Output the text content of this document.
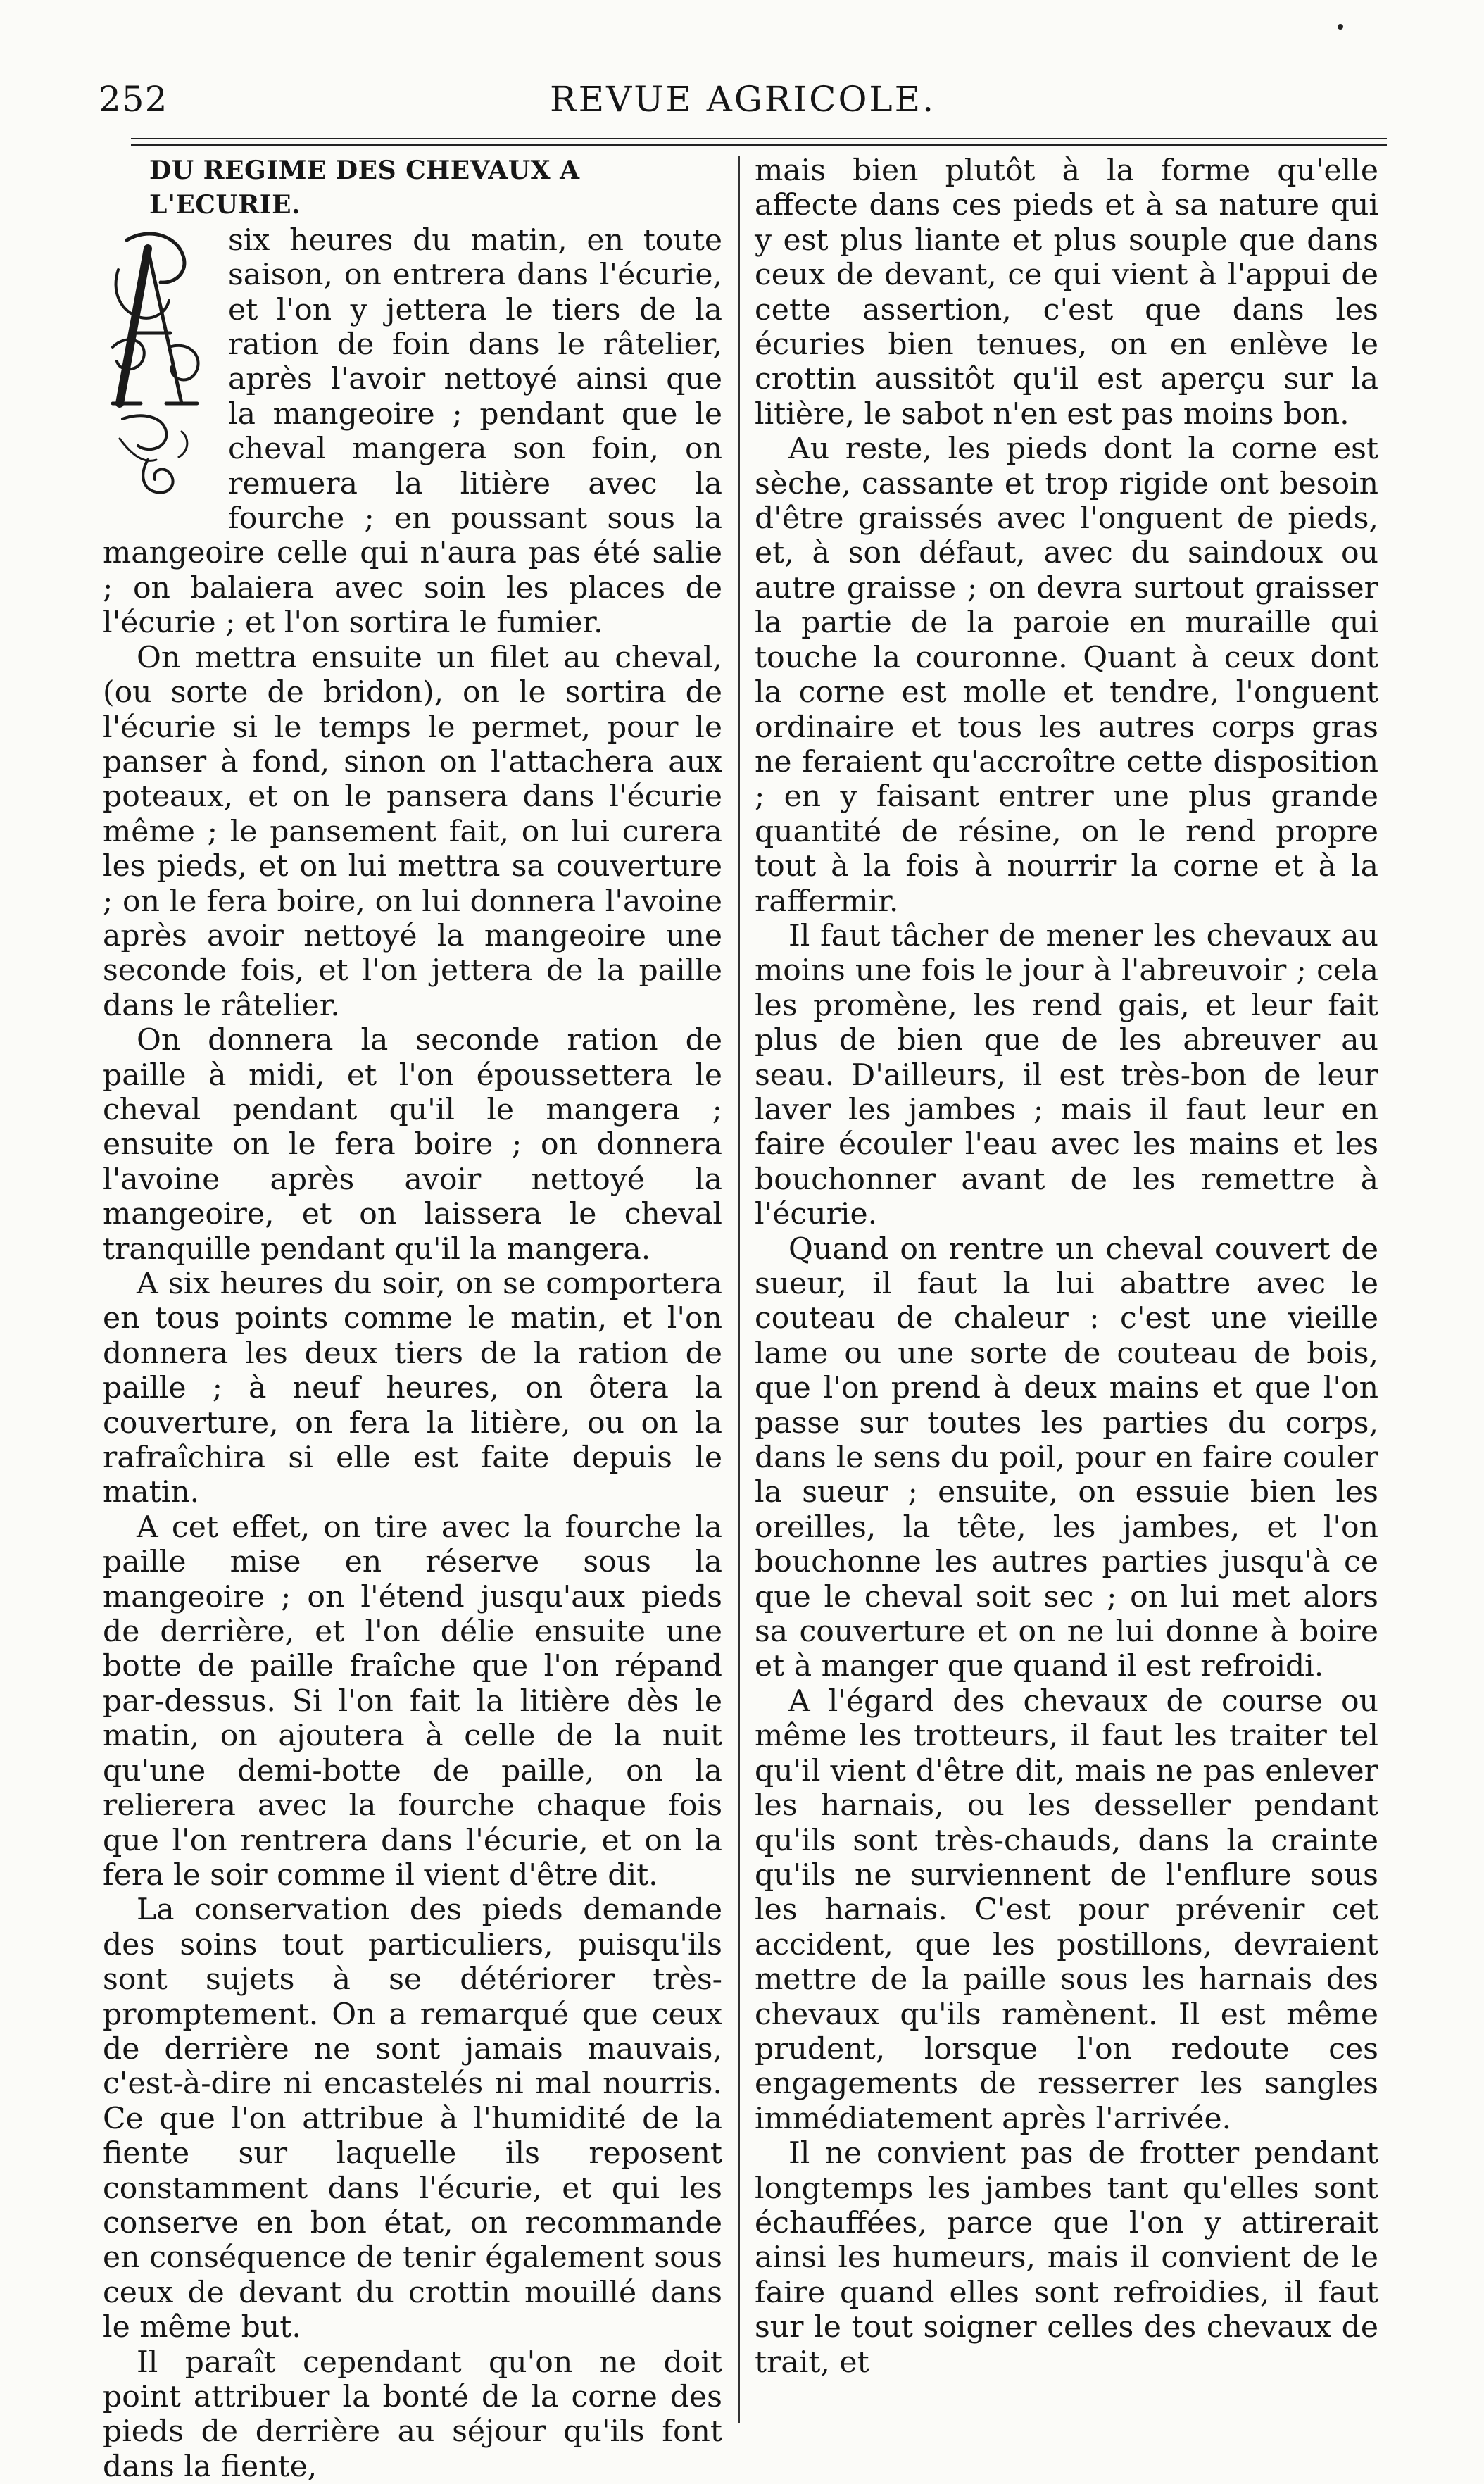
252	REVUE AGRICOLE.
DU REGIME DES CHEVAUX A L'ECURIE.

six heures du matin, en toute saison, on entrera dans l'écurie, et l'on y jettera le tiers de la ration de foin dans le râtelier, après l'avoir nettoyé ainsi que la mangeoire ; pendant que le cheval mangera son foin, on remuera la litière avec la fourche ; en poussant sous la mangeoire celle qui n'aura pas été salie ; on balaiera avec soin les places de l'écurie ; et l'on sortira le fumier.

On mettra ensuite un filet au cheval, (ou sorte de bridon), on le sortira de l'écurie si le temps le permet, pour le panser à fond, sinon on l'attachera aux poteaux, et on le pansera dans l'écurie même ; le pansement fait, on lui curera les pieds, et on lui mettra sa couverture ; on le fera boire, on lui donnera l'avoine après avoir nettoyé la mangeoire une seconde fois, et l'on jettera de la paille dans le râtelier.

On donnera la seconde ration de paille à midi, et l'on époussettera le cheval pendant qu'il le mangera ; ensuite on le fera boire ; on donnera l'avoine après avoir nettoyé la mangeoire, et on laissera le cheval tranquille pendant qu'il la mangera.

A six heures du soir, on se comportera en tous points comme le matin, et l'on donnera les deux tiers de la ration de paille ; à neuf heures, on ôtera la couverture, on fera la litière, ou on la rafraîchira si elle est faite depuis le matin.

A cet effet, on tire avec la fourche la paille mise en réserve sous la mangeoire ; on l'étend jusqu'aux pieds de derrière, et l'on délie ensuite une botte de paille fraîche que l'on répand par-dessus. Si l'on fait la litière dès le matin, on ajoutera à celle de la nuit qu'une demi-botte de paille, on la relierera avec la fourche chaque fois que l'on rentrera dans l'écurie, et on la fera le soir comme il vient d'être dit.

La conservation des pieds demande des soins tout particuliers, puisqu'ils sont sujets à se détériorer très-promptement. On a remarqué que ceux de derrière ne sont jamais mauvais, c'est-à-dire ni encastelés ni mal nourris. Ce que l'on attribue à l'humidité de la fiente sur laquelle ils reposent constamment dans l'écurie, et qui les conserve en bon état, on recommande en conséquence de tenir également sous ceux de devant du crottin mouillé dans le même but.

Il paraît cependant qu'on ne doit point attribuer la bonté de la corne des pieds de derrière au séjour qu'ils font dans la fiente,

mais bien plutôt à la forme qu'elle affecte dans ces pieds et à sa nature qui y est plus liante et plus souple que dans ceux de devant, ce qui vient à l'appui de cette assertion, c'est que dans les écuries bien tenues, on en enlève le crottin aussitôt qu'il est aperçu sur la litière, le sabot n'en est pas moins bon.

Au reste, les pieds dont la corne est sèche, cassante et trop rigide ont besoin d'être graissés avec l'onguent de pieds, et, à son défaut, avec du saindoux ou autre graisse ; on devra surtout graisser la partie de la paroie en muraille qui touche la couronne. Quant à ceux dont la corne est molle et tendre, l'onguent ordinaire et tous les autres corps gras ne feraient qu'accroître cette disposition ; en y faisant entrer une plus grande quantité de résine, on le rend propre tout à la fois à nourrir la corne et à la raffermir.

Il faut tâcher de mener les chevaux au moins une fois le jour à l'abreuvoir ; cela les promène, les rend gais, et leur fait plus de bien que de les abreuver au seau. D'ailleurs, il est très-bon de leur laver les jambes ; mais il faut leur en faire écouler l'eau avec les mains et les bouchonner avant de les remettre à l'écurie.

Quand on rentre un cheval couvert de sueur, il faut la lui abattre avec le couteau de chaleur : c'est une vieille lame ou une sorte de couteau de bois, que l'on prend à deux mains et que l'on passe sur toutes les parties du corps, dans le sens du poil, pour en faire couler la sueur ; ensuite, on essuie bien les oreilles, la tête, les jambes, et l'on bouchonne les autres parties jusqu'à ce que le cheval soit sec ; on lui met alors sa couverture et on ne lui donne à boire et à manger que quand il est refroidi.

A l'égard des chevaux de course ou même les trotteurs, il faut les traiter tel qu'il vient d'être dit, mais ne pas enlever les harnais, ou les desseller pendant qu'ils sont très-chauds, dans la crainte qu'ils ne surviennent de l'enflure sous les harnais. C'est pour prévenir cet accident, que les postillons, devraient mettre de la paille sous les harnais des chevaux qu'ils ramènent. Il est même prudent, lorsque l'on redoute ces engagements de resserrer les sangles immédiatement après l'arrivée.

Il ne convient pas de frotter pendant longtemps les jambes tant qu'elles sont échauffées, parce que l'on y attirerait ainsi les humeurs, mais il convient de le faire quand elles sont refroidies, il faut sur le tout soigner celles des chevaux de trait, et
